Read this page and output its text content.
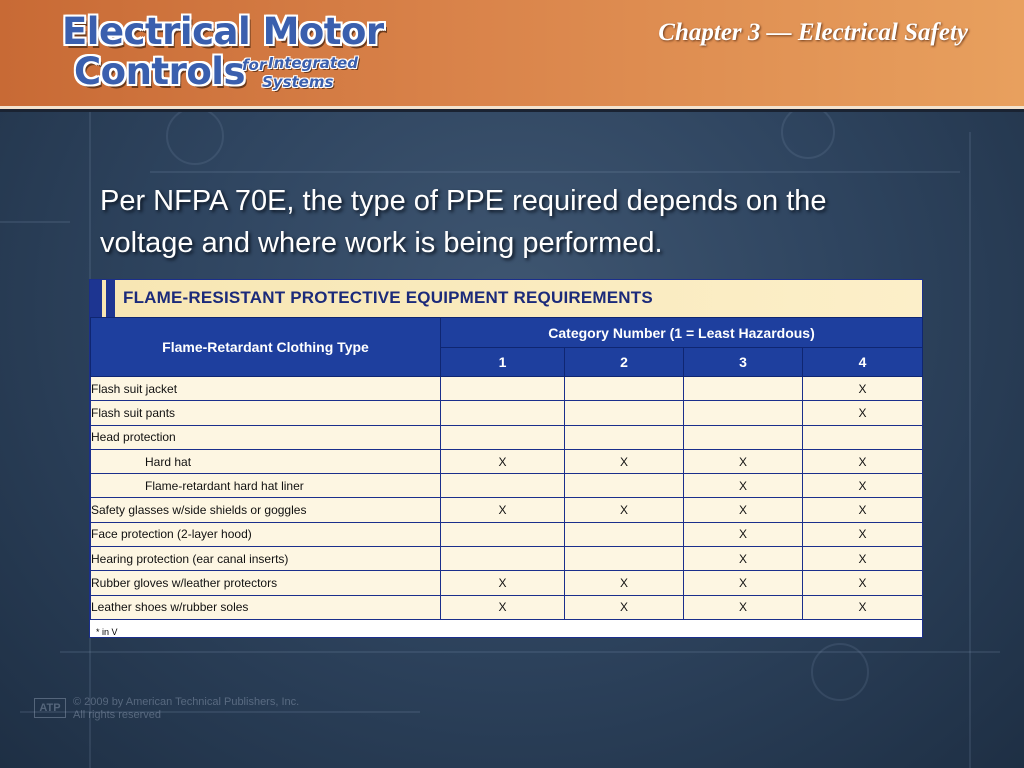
Electrical Motor
Controls
for Integrated
Systems
Chapter 3 — Electrical Safety
Per NFPA 70E, the type of PPE required depends on the voltage and where work is being performed.
FLAME-RESISTANT PROTECTIVE EQUIPMENT REQUIREMENTS
Flame-Retardant Clothing Type	Category Number (1 = Least Hazardous)			
	1	2	3	4
Flash suit jacket				X
Flash suit pants				X
Head protection				
Hard hat	X	X	X	X
Flame-retardant hard hat liner			X	X
Safety glasses w/side shields or goggles	X	X	X	X
Face protection (2-layer hood)			X	X
Hearing protection (ear canal inserts)			X	X
Rubber gloves w/leather protectors	X	X	X	X
Leather shoes w/rubber soles	X	X	X	X
* in V
ATP	© 2009 by American Technical Publishers, Inc.
All rights reserved
